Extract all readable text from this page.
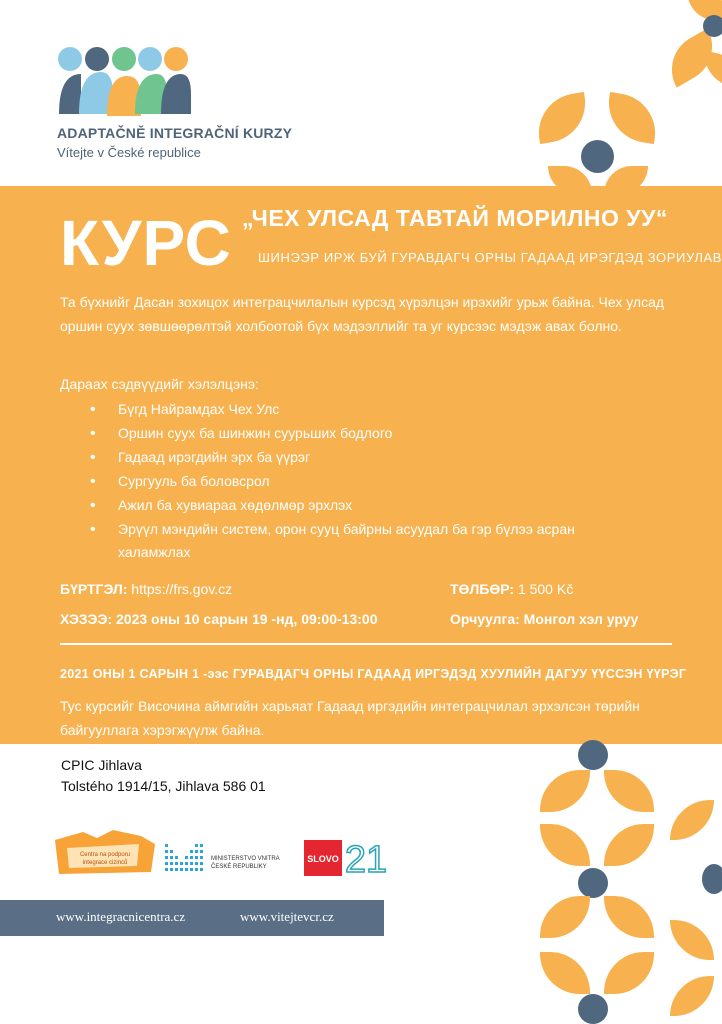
ADAPTAČNĚ INTEGRAČNÍ KURZY
Vítejte v České republice
КУРС „ЧЕХ УЛСАД ТАВТАЙ МОРИЛНО УУ“
ШИНЭЭР ИРЖ БУЙ ГУРАВДАГЧ ОРНЫ ГАДААД ИРЭГДЭД ЗОРИУЛАВ
Та бүхнийг Дасан зохицох интеграцчилалын курсэд хүрэлцэн ирэхийг урьж байна. Чех улсад оршин суух зөвшөөрөлтэй холбоотой бүх мэдээллийг та уг курсээс мэдэж авах болно.
Дараах сэдвүүдийг хэлэлцэнэ:
• Бүгд Найрамдах Чех Улс
• Оршин суух ба шинжин суурьших бодлого
• Гадаад ирэгдийн эрх ба үүрэг
• Сургууль ба боловсрол
• Ажил ба хувиараа хөдөлмөр эрхлэх
• Эрүүл мэндийн систем, орон сууц байрны асуудал ба гэр бүлээ асран халамжлах
БҮРТГЭЛ: https://frs.gov.cz	ТӨЛБӨР: 1 500 Kč
ХЭЗЭЭ: 2023 оны 10 сарын 19 -нд, 09:00-13:00	Орчуулга: Монгол хэл уруу
2021 ОНЫ 1 САРЫН 1 -ээс ГУРАВДАГЧ ОРНЫ ГАДААД ИРГЭДЭД ХУУЛИЙН ДАГУУ ҮҮССЭН ҮҮРЭГ
Тус курсийг Височина аймгийн харьяат Гадаад иргэдийн интеграцчилал эрхэлсэн төрийн байгууллага хэрэгжүүлж байна.
CPIC Jihlava
Tolstého 1914/15, Jihlava 586 01
Centra na podporu
integrace cizinců
MINISTERSTVO VNITRA
ČESKÉ REPUBLIKY
SLOVO 21
www.integracnicentra.cz	www.vitejtevcr.cz
